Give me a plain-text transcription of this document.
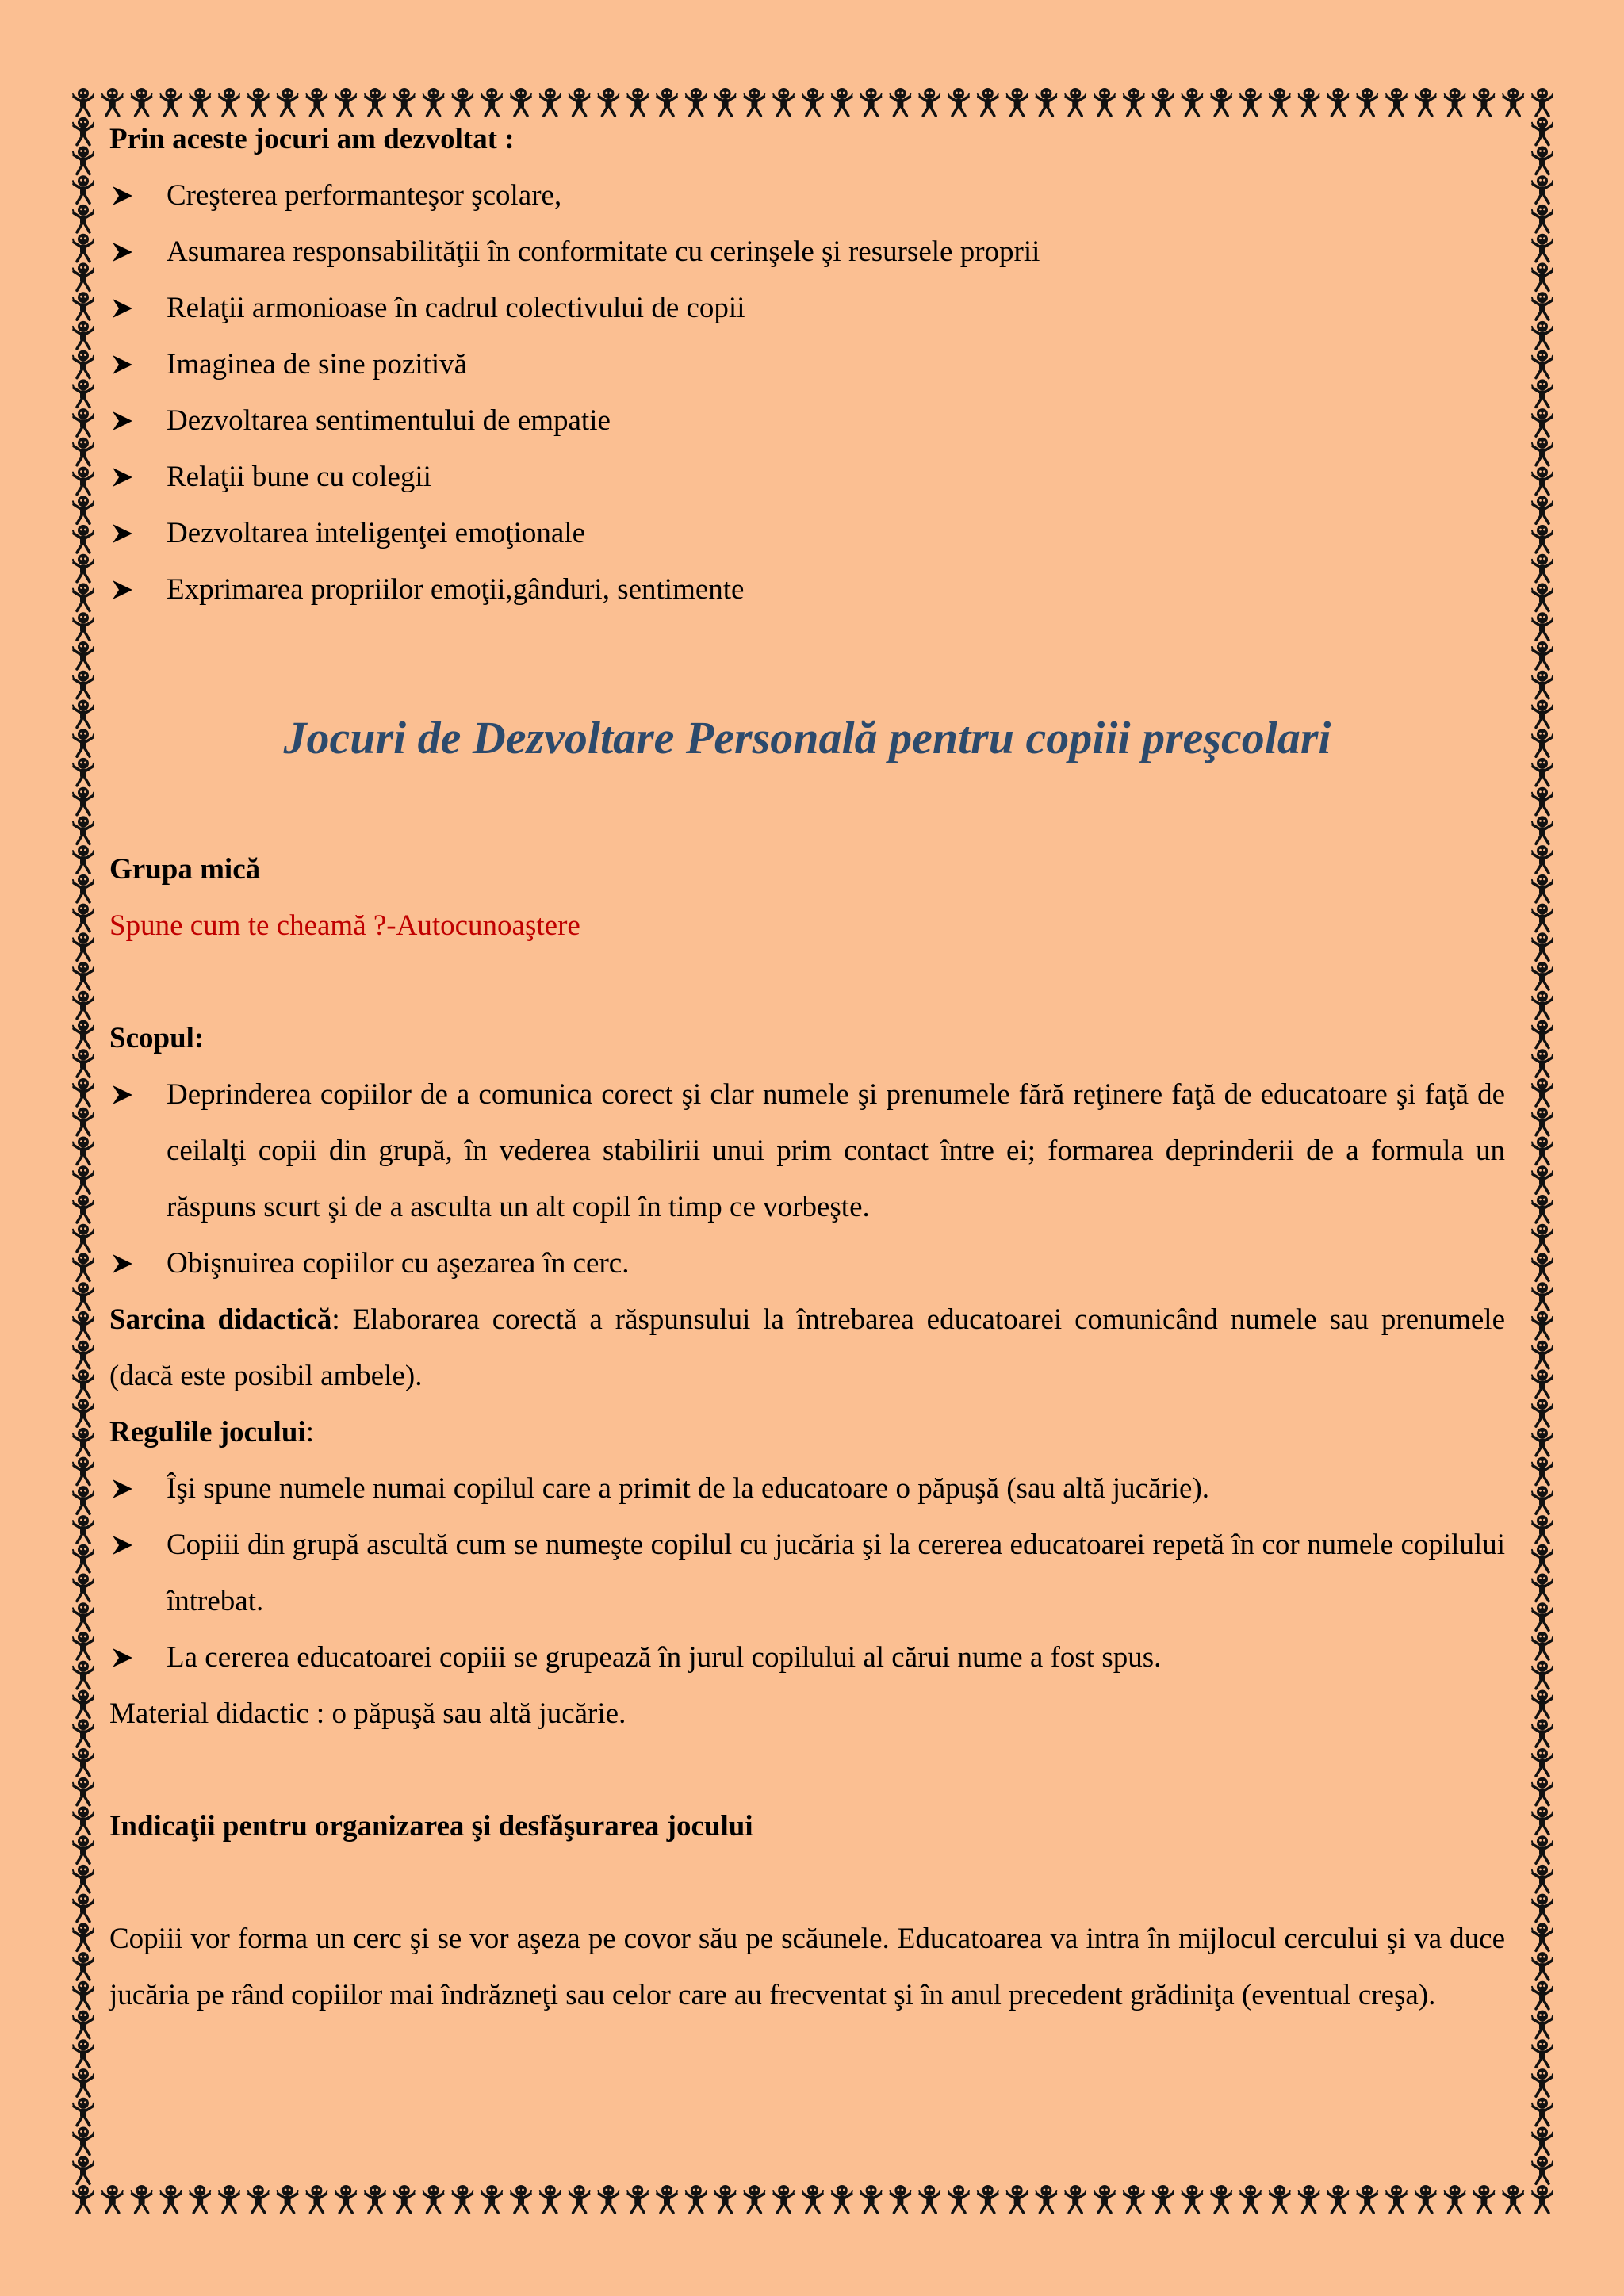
Prin aceste jocuri am dezvoltat :

Creşterea performanteşor şcolare,
Asumarea responsabilităţii în conformitate cu cerinşele şi resursele proprii
Relaţii armonioase în cadrul colectivului de copii
Imaginea de sine pozitivă
Dezvoltarea sentimentului de empatie
Relaţii bune cu colegii
Dezvoltarea inteligenţei emoţionale
Exprimarea propriilor emoţii,gânduri, sentimente
Jocuri de Dezvoltare Personală pentru copiii preşcolari

Grupa mică

Spune cum te cheamă ?-Autocunoaştere

Scopul:

Deprinderea copiilor de a comunica corect şi clar numele şi prenumele fără reţinere faţă de educatoare şi faţă de ceilalţi copii din grupă, în vederea stabilirii unui prim contact între ei; formarea deprinderii de a formula un răspuns scurt şi de a asculta un alt copil în timp ce vorbeşte.
Obişnuirea copiilor cu aşezarea în cerc.

Sarcina didactică: Elaborarea corectă a răspunsului la întrebarea educatoarei comunicând numele sau prenumele (dacă este posibil ambele).

Regulile jocului:

Îşi spune numele numai copilul care a primit de la educatoare o păpuşă (sau altă jucărie).
Copiii din grupă ascultă cum se numeşte copilul cu jucăria şi la cererea educatoarei repetă în cor numele copilului întrebat.
La cererea educatoarei copiii se grupează în jurul copilului al cărui nume a fost spus.

Material didactic : o păpuşă sau altă jucărie.

Indicaţii pentru organizarea şi desfăşurarea jocului

Copiii vor forma un cerc şi se vor aşeza pe covor său pe scăunele. Educatoarea va intra în mijlocul cercului şi va duce jucăria pe rând copiilor mai îndrăzneţi sau celor care au frecventat şi în anul precedent grădiniţa (eventual creşa).
